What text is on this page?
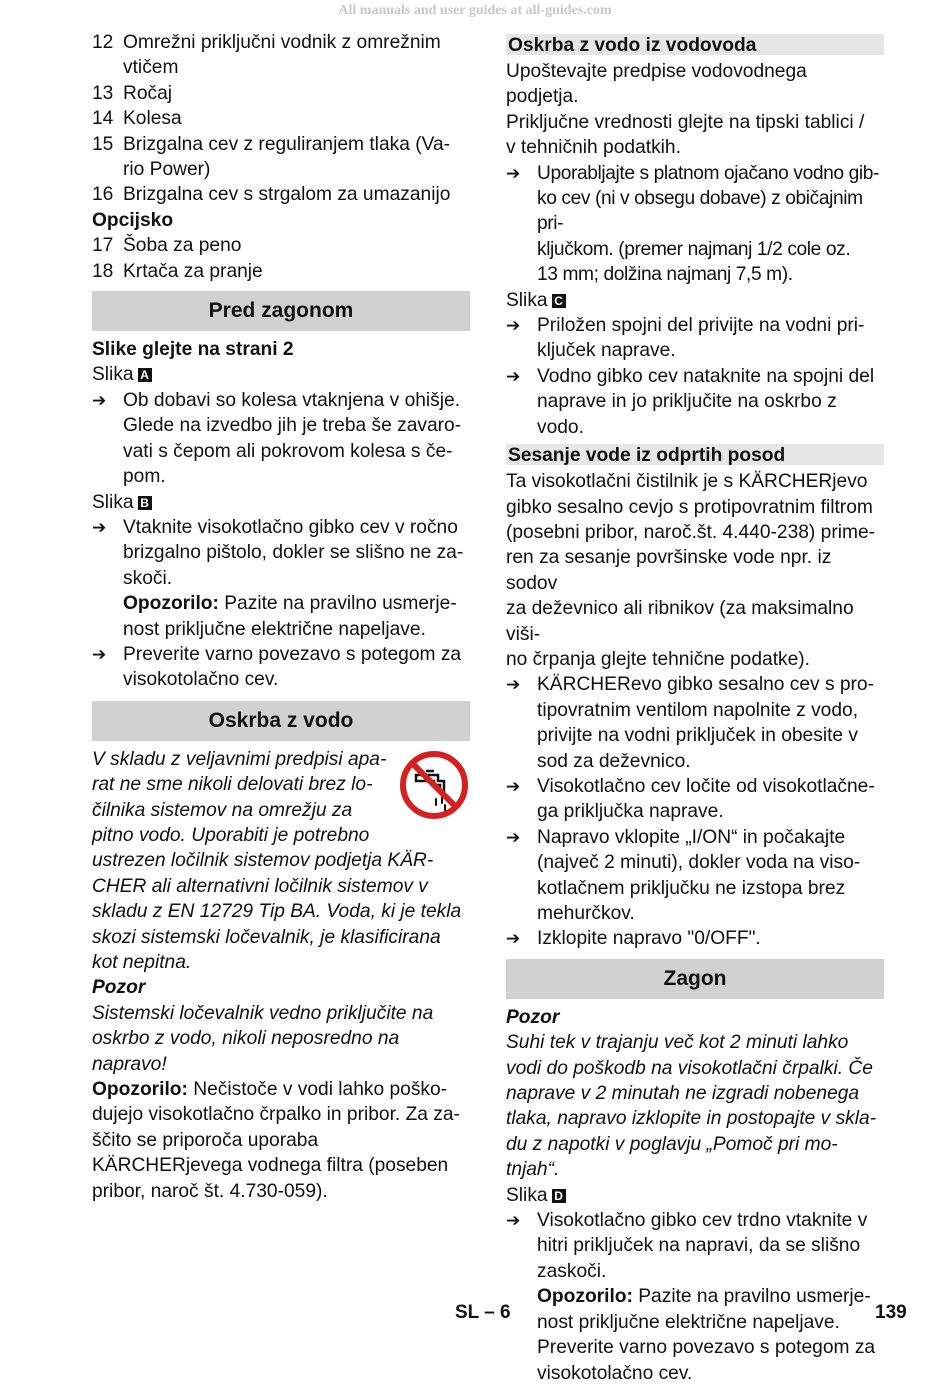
All manuals and user guides at all-guides.com
12 Omrežni priključni vodnik z omrežnim
vtičem
13 Ročaj
14 Kolesa
15 Brizgalna cev z reguliranjem tlaka (Va-
rio Power)
16 Brizgalna cev s strgalom za umazanijo

Opcijsko

17 Šoba za peno
18 Krtača za pranje
Pred zagonom

Slike glejte na strani 2

Slika A

➔ Ob dobavi so kolesa vtaknjena v ohišje.
Glede na izvedbo jih je treba še zavaro-
vati s čepom ali pokrovom kolesa s če-
pom.

Slika B

➔ Vtaknite visokotlačno gibko cev v ročno
brizgalno pištolo, dokler se slišno ne za-
skoči.
Opozorilo: Pazite na pravilno usmerje-
nost priključne električne napeljave.
➔ Preverite varno povezavo s potegom za
visokotolačno cev.
Oskrba z vodo
V skladu z veljavnimi predpisi apa-
rat ne sme nikoli delovati brez lo-
čilnika sistemov na omrežju za
pitno vodo. Uporabiti je potrebno
ustrezen ločilnik sistemov podjetja KÄR-
CHER ali alternativni ločilnik sistemov v
skladu z EN 12729 Tip BA. Voda, ki je tekla
skozi sistemski ločevalnik, je klasificirana
kot nepitna.

Pozor

Sistemski ločevalnik vedno priključite na
oskrbo z vodo, nikoli neposredno na napravo!
Opozorilo: Nečistoče v vodi lahko poško-
dujejo visokotlačno črpalko in pribor. Za za-
ščito se priporoča uporaba
KÄRCHERjevega vodnega filtra (poseben
pribor, naroč št. 4.730-059).
Oskrba z vodo iz vodovoda
Upoštevajte predpise vodovodnega podjetja.
Priključne vrednosti glejte na tipski tablici /
v tehničnih podatkih.
➔ Uporabljajte s platnom ojačano vodno gib-
ko cev (ni v obsegu dobave) z običajnim pri-
ključkom. (premer najmanj 1/2 cole oz.
13 mm; dolžina najmanj 7,5 m).

Slika C

➔ Priložen spojni del privijte na vodni pri-
ključek naprave.
➔ Vodno gibko cev nataknite na spojni del
naprave in jo priključite na oskrbo z vodo.
Sesanje vode iz odprtih posod
Ta visokotlačni čistilnik je s KÄRCHERjevo
gibko sesalno cevjo s protipovratnim filtrom
(posebni pribor, naroč.št. 4.440-238) prime-
ren za sesanje površinske vode npr. iz sodov
za deževnico ali ribnikov (za maksimalno viši-
no črpanja glejte tehnične podatke).
➔ KÄRCHERevo gibko sesalno cev s pro-
tipovratnim ventilom napolnite z vodo,
privijte na vodni priključek in obesite v
sod za deževnico.
➔ Visokotlačno cev ločite od visokotlačne-
ga priključka naprave.
➔ Napravo vklopite „I/ON“ in počakajte
(največ 2 minuti), dokler voda na viso-
kotlačnem priključku ne izstopa brez
mehurčkov.
➔ Izklopite napravo "0/OFF".
Zagon

Pozor

Suhi tek v trajanju več kot 2 minuti lahko
vodi do poškodb na visokotlačni črpalki. Če
naprave v 2 minutah ne izgradi nobenega
tlaka, napravo izklopite in postopajte v skla-
du z napotki v poglavju „Pomoč pri mo-
tnjah“.

Slika D

➔ Visokotlačno gibko cev trdno vtaknite v
hitri priključek na napravi, da se slišno
zaskoči.
Opozorilo: Pazite na pravilno usmerje-
nost priključne električne napeljave.
Preverite varno povezavo s potegom za
visokotolačno cev.
SL – 6	139
